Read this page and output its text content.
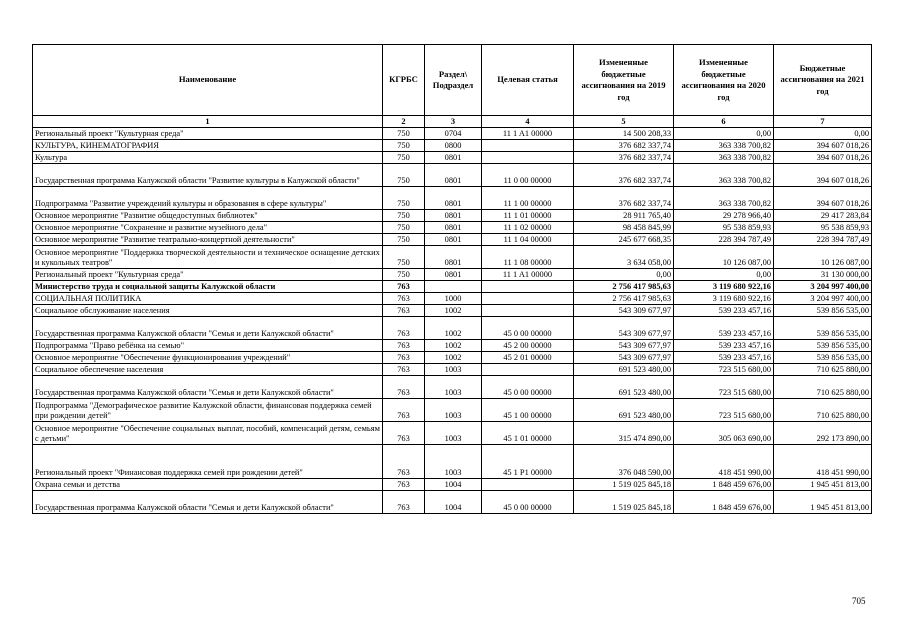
Наименование	КГРБС	Раздел\ Подраздел	Целевая статья	Измененные бюджетные ассигнования на 2019 год	Измененные бюджетные ассигнования на 2020 год	Бюджетные ассигнования на 2021 год
1	2	3	4	5	6	7
Региональный проект "Культурная среда"	750	0704	11 1 A1 00000	14 500 208,33	0,00	0,00
КУЛЬТУРА, КИНЕМАТОГРАФИЯ	750	0800		376 682 337,74	363 338 700,82	394 607 018,26
Культура	750	0801		376 682 337,74	363 338 700,82	394 607 018,26
Государственная программа Калужской области "Развитие культуры в Калужской области"	750	0801	11 0 00 00000	376 682 337,74	363 338 700,82	394 607 018,26
Подпрограмма "Развитие учреждений культуры и образования в сфере культуры"	750	0801	11 1 00 00000	376 682 337,74	363 338 700,82	394 607 018,26
Основное мероприятие "Развитие общедоступных библиотек"	750	0801	11 1 01 00000	28 911 765,40	29 278 966,40	29 417 283,84
Основное мероприятие "Сохранение и развитие музейного дела"	750	0801	11 1 02 00000	98 458 845,99	95 538 859,93	95 538 859,93
Основное мероприятие "Развитие театрально-концертной деятельности"	750	0801	11 1 04 00000	245 677 668,35	228 394 787,49	228 394 787,49
Основное мероприятие "Поддержка творческой деятельности и техническое оснащение детских и кукольных театров"	750	0801	11 1 08 00000	3 634 058,00	10 126 087,00	10 126 087,00
Региональный проект "Культурная среда"	750	0801	11 1 A1 00000	0,00	0,00	31 130 000,00
Министерство труда и социальной защиты Калужской области	763			2 756 417 985,63	3 119 680 922,16	3 204 997 400,00
СОЦИАЛЬНАЯ ПОЛИТИКА	763	1000		2 756 417 985,63	3 119 680 922,16	3 204 997 400,00
Социальное обслуживание населения	763	1002		543 309 677,97	539 233 457,16	539 856 535,00
Государственная программа Калужской области "Семья и дети Калужской области"	763	1002	45 0 00 00000	543 309 677,97	539 233 457,16	539 856 535,00
Подпрограмма "Право ребёнка на семью"	763	1002	45 2 00 00000	543 309 677,97	539 233 457,16	539 856 535,00
Основное мероприятие "Обеспечение функционирования учреждений"	763	1002	45 2 01 00000	543 309 677,97	539 233 457,16	539 856 535,00
Социальное обеспечение населения	763	1003		691 523 480,00	723 515 680,00	710 625 880,00
Государственная программа Калужской области "Семья и дети Калужской области"	763	1003	45 0 00 00000	691 523 480,00	723 515 680,00	710 625 880,00
Подпрограмма "Демографическое развитие Калужской области, финансовая поддержка семей при рождении детей"	763	1003	45 1 00 00000	691 523 480,00	723 515 680,00	710 625 880,00
Основное мероприятие "Обеспечение социальных выплат, пособий, компенсаций детям, семьям с детьми"	763	1003	45 1 01 00000	315 474 890,00	305 063 690,00	292 173 890,00
Региональный проект "Финансовая поддержка семей при рождении детей"	763	1003	45 1 P1 00000	376 048 590,00	418 451 990,00	418 451 990,00
Охрана семьи и детства	763	1004		1 519 025 845,18	1 848 459 676,00	1 945 451 813,00
Государственная программа Калужской области "Семья и дети Калужской области"	763	1004	45 0 00 00000	1 519 025 845,18	1 848 459 676,00	1 945 451 813,00
705
